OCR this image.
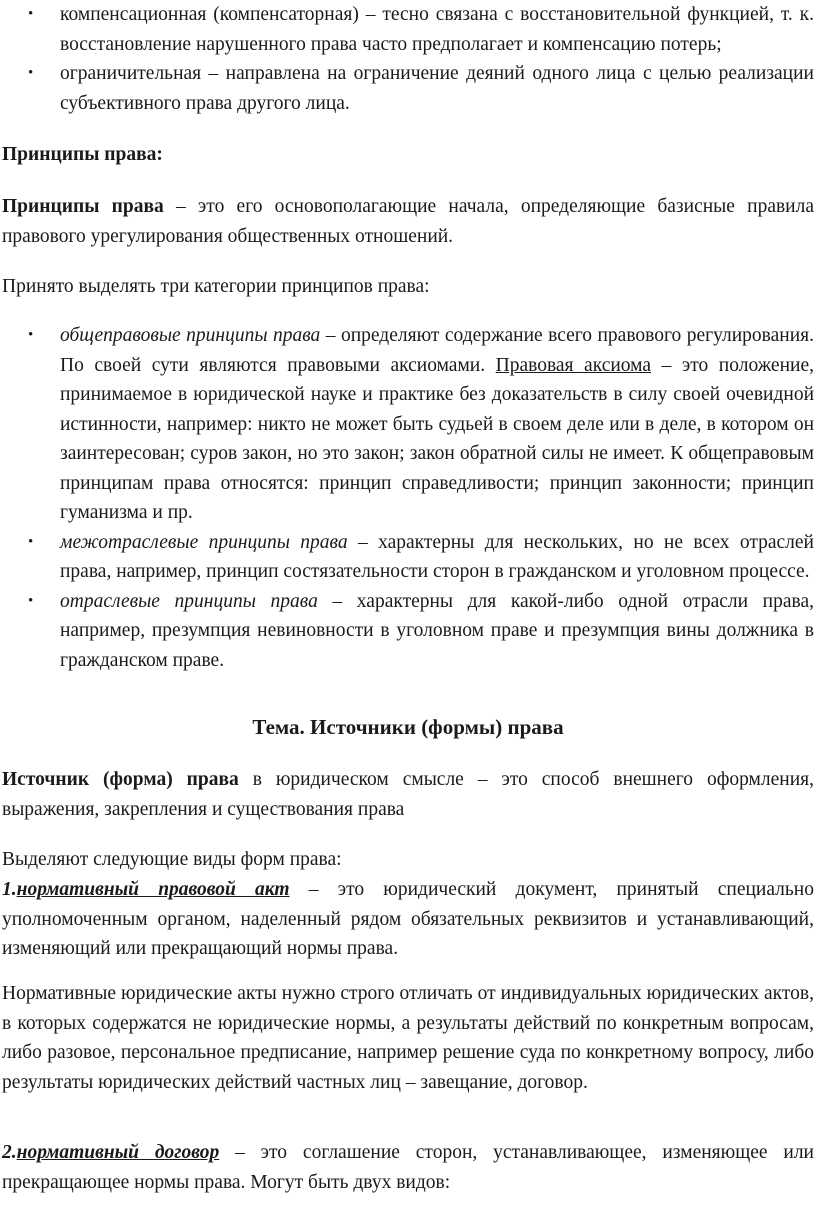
• компенсационная (компенсаторная) – тесно связана с восстановительной функцией, т. к. восстановление нарушенного права часто предполагает и компенсацию потерь;
• ограничительная – направлена на ограничение деяний одного лица с целью реализации субъективного права другого лица.

Принципы права:

Принципы права – это его основополагающие начала, определяющие базисные правила правового урегулирования общественных отношений.

Принято выделять три категории принципов права:

• общеправовые принципы права – определяют содержание всего правового регулирования. По своей сути являются правовыми аксиомами. Правовая аксиома – это положение, принимаемое в юридической науке и практике без доказательств в силу своей очевидной истинности, например: никто не может быть судьей в своем деле или в деле, в котором он заинтересован; суров закон, но это закон; закон обратной силы не имеет. К общеправовым принципам права относятся: принцип справедливости; принцип законности; принцип гуманизма и пр.
• межотраслевые принципы права – характерны для нескольких, но не всех отраслей права, например, принцип состязательности сторон в гражданском и уголовном процессе.
• отраслевые принципы права – характерны для какой-либо одной отрасли права, например, презумпция невиновности в уголовном праве и презумпция вины должника в гражданском праве.
Тема. Источники (формы) права

Источник (форма) права в юридическом смысле – это способ внешнего оформления, выражения, закрепления и существования права

Выделяют следующие виды форм права:

1.нормативный правовой акт – это юридический документ, принятый специально уполномоченным органом, наделенный рядом обязательных реквизитов и устанавливающий, изменяющий или прекращающий нормы права.

Нормативные юридические акты нужно строго отличать от индивидуальных юридических актов, в которых содержатся не юридические нормы, а результаты действий по конкретным вопросам, либо разовое, персональное предписание, например решение суда по конкретному вопросу, либо результаты юридических действий частных лиц – завещание, договор.

2.нормативный договор – это соглашение сторон, устанавливающее, изменяющее или прекращающее нормы права. Могут быть двух видов:
